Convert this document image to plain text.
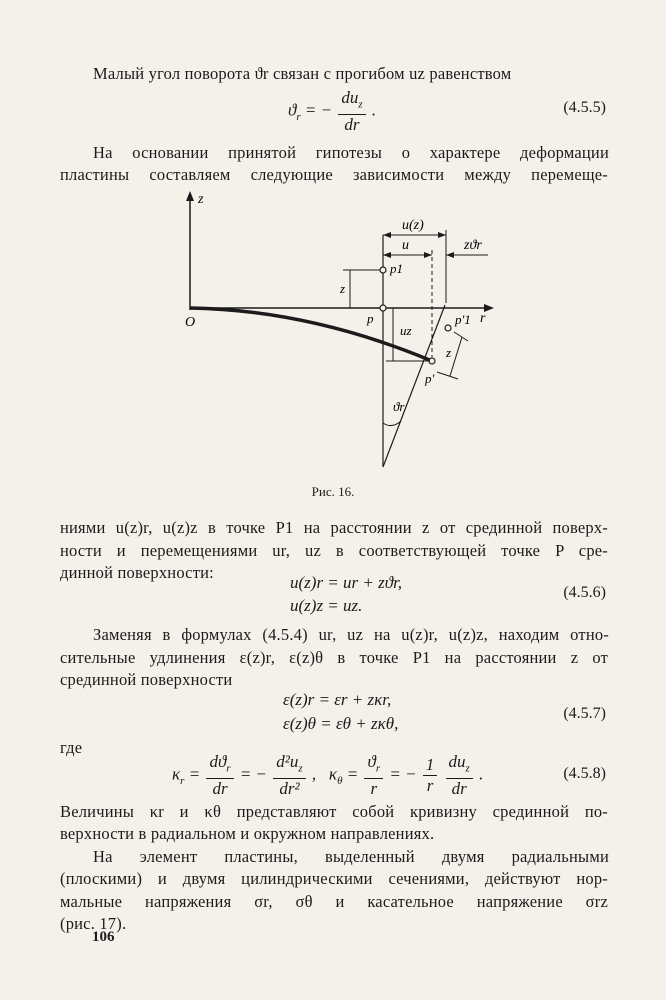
Малый угол поворота ϑr связан с прогибом uz равенством
$ϑ_r$ = − $\frac{du_z}{dr}$ .	(4.5.5)
На основании принятой гипотезы о характере деформации
пластины составляем следующие зависимости между перемеще-
z
r
O
z
uz
u(z)
u	zϑr
z
p1
p	p'1
p'
ϑr
Рис. 16.
ниями u(z)r, u(z)z в точке P1 на расстоянии z от срединной поверх-
ности и перемещениями ur, uz в соответствующей точке P сре-
динной поверхности:
u(z)r = ur + zϑr,
u(z)z = uz.
(4.5.6)
Заменяя в формулах (4.5.4) ur, uz на u(z)r, u(z)z, находим отно-
сительные удлинения ε(z)r, ε(z)θ в точке P1 на расстоянии z от
срединной поверхности
ε(z)r = εr + zκr,
ε(z)θ = εθ + zκθ,
(4.5.7)
где
$\kappa_r = \frac{dϑ_r}{dr}$ = − $\frac{d^2u_z}{\text{dr²}}$ ,   $\kappa_\theta = \frac{ϑ_r}{r}$ = − $\frac{1}{r}$
$\frac{du_z}{dr}$ .	(4.5.8)
Величины κr и κθ представляют собой кривизну срединной по-
верхности в радиальном и окружном направлениях.
На элемент пластины, выделенный двумя радиальными
(плоскими) и двумя цилиндрическими сечениями, действуют нор-
мальные напряжения σr, σθ и касательное напряжение σrz
(рис. 17).
106
